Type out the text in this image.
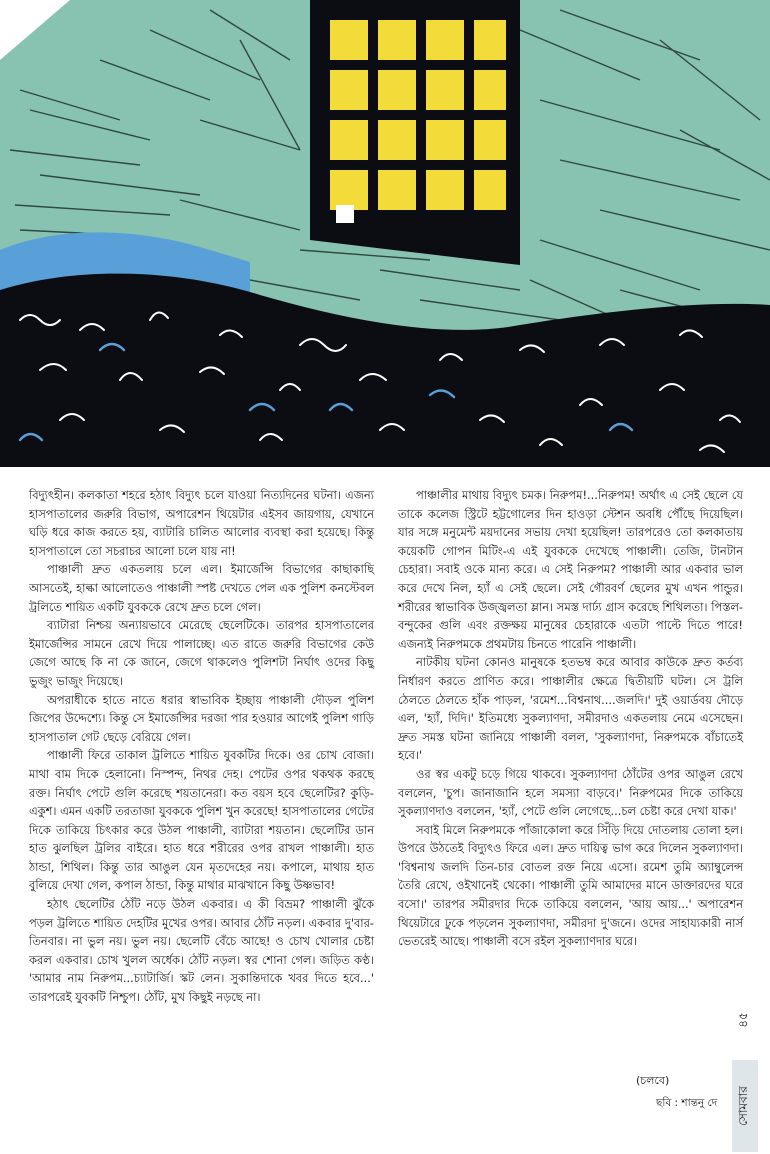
বিদ্যুৎহীন। কলকাতা শহরে হঠাৎ বিদ্যুৎ চলে যাওয়া নিত্যদিনের ঘটনা। এজন্য হাসপাতালের জরুরি বিভাগ, অপারেশন থিয়েটার এইসব জায়গায়, যেখানে ঘড়ি ধরে কাজ করতে হয়, ব্যাটারি চালিত আলোর ব্যবস্থা করা হয়েছে। কিন্তু হাসপাতালে তো সচরাচর আলো চলে যায় না!

পাঞ্চালী দ্রুত একতলায় চলে এল। ইমার্জেন্সি বিভাগের কাছাকাছি আসতেই, হাল্কা আলোতেও পাঞ্চালী স্পষ্ট দেখতে পেল এক পুলিশ কনস্টেবল ট্রলিতে শায়িত একটি যুবককে রেখে দ্রুত চলে গেল।

ব্যাটারা নিশ্চয় অন্যায়ভাবে মেরেছে ছেলেটিকে। তারপর হাসপাতালের ইমার্জেন্সির সামনে রেখে দিয়ে পালাচ্ছে। এত রাতে জরুরি বিভাগের কেউ জেগে আছে কি না কে জানে, জেগে থাকলেও পুলিশটা নির্ঘাৎ ওদের কিছু ভুজুং ভাজুং দিয়েছে।

অপরাধীকে হাতে নাতে ধরার স্বাভাবিক ইচ্ছায় পাঞ্চালী দৌড়ল পুলিশ জিপের উদ্দেশ্যে। কিন্তু সে ইমার্জেন্সির দরজা পার হওয়ার আগেই পুলিশ গাড়ি হাসপাতাল গেট ছেড়ে বেরিয়ে গেল।

পাঞ্চালী ফিরে তাকাল ট্রলিতে শায়িত যুবকটির দিকে। ওর চোখ বোজা। মাথা বাম দিকে হেলানো। নিস্পন্দ, নিথর দেহ। পেটের ওপর থকথক করছে রক্ত। নির্ঘাৎ পেটে গুলি করেছে শয়তানেরা। কত বয়স হবে ছেলেটির? কুড়ি-একুশ। এমন একটি তরতাজা যুবককে পুলিশ খুন করেছে! হাসপাতালের গেটের দিকে তাকিয়ে চিৎকার করে উঠল পাঞ্চালী, ব্যাটারা শয়তান। ছেলেটির ডান হাত ঝুলছিল ট্রলির বাইরে। হাত ধরে শরীরের ওপর রাখল পাঞ্চালী। হাত ঠান্ডা, শিথিল। কিন্তু তার আঙুল যেন মৃতদেহের নয়। কপালে, মাথায় হাত বুলিয়ে দেখা গেল, কপাল ঠান্ডা, কিন্তু মাথার মাঝখানে কিছু উষ্ণভাব!

হঠাৎ ছেলেটির ঠোঁট নড়ে উঠল একবার। এ কী বিভ্রম? পাঞ্চালী ঝুঁকে পড়ল ট্রলিতে শায়িত দেহটির মুখের ওপর। আবার ঠোঁট নড়ল। একবার দু'বার-তিনবার। না ভুল নয়। ভুল নয়। ছেলেটি বেঁচে আছে! ও চোখ খোলার চেষ্টা করল একবার। চোখ খুলল অর্ধেক। ঠোঁট নড়ল। স্বর শোনা গেল। জড়িত কণ্ঠ। 'আমার নাম নিরুপম...চ্যাটার্জি। স্কট লেন। সুকান্তিদাকে খবর দিতে হবে...' তারপরেই যুবকটি নিশ্চুপ। ঠোঁট, মুখ কিছুই নড়ছে না।

পাঞ্চালীর মাথায় বিদ্যুৎ চমক। নিরুপম!...নিরুপম! অর্থাৎ এ সেই ছেলে যে তাকে কলেজ স্ট্রিটে হট্টগোলের দিন হাওড়া স্টেশন অবধি পৌঁছে দিয়েছিল। যার সঙ্গে মনুমেন্ট ময়দানের সভায় দেখা হয়েছিল! তারপরেও তো কলকাতায় কয়েকটি গোপন মিটিং-এ এই যুবককে দেখেছে পাঞ্চালী। তেজি, টানটান চেহারা। সবাই ওকে মান্য করে। এ সেই নিরুপম? পাঞ্চালী আর একবার ভাল করে দেখে নিল, হ্যাঁ এ সেই ছেলে। সেই গৌরবর্ণ ছেলের মুখ এখন পান্ডুর। শরীরের স্বাভাবিক উজ্জ্বলতা ম্লান। সমস্ত দার্ঢ্য গ্রাস করেছে শিথিলতা। পিস্তল-বন্দুকের গুলি এবং রক্তক্ষয় মানুষের চেহারাকে এতটা পাল্টে দিতে পারে! এজন্যই নিরুপমকে প্রথমটায় চিনতে পারেনি পাঞ্চালী।

নাটকীয় ঘটনা কোনও মানুষকে হতভম্ব করে আবার কাউকে দ্রুত কর্তব্য নির্ধারণ করতে প্রাণিত করে। পাঞ্চালীর ক্ষেত্রে দ্বিতীয়টি ঘটল। সে ট্রলি ঠেলতে ঠেলতে হাঁক পাড়ল, 'রমেশ...বিশ্বনাথ....জলদি।' দুই ওয়ার্ডবয় দৌড়ে এল, 'হ্যাঁ, দিদি।' ইতিমধ্যে সুকল্যাণদা, সমীরদাও একতলায় নেমে এসেছেন। দ্রুত সমস্ত ঘটনা জানিয়ে পাঞ্চালী বলল, 'সুকল্যাণদা, নিরুপমকে বাঁচাতেই হবে।'

ওর স্বর একটু চড়ে গিয়ে থাকবে। সুকল্যাণদা ঠোঁটের ওপর আঙুল রেখে বললেন, 'চুপ। জানাজানি হলে সমস্যা বাড়বে।' নিরুপমের দিকে তাকিয়ে সুকল্যাণদাও বললেন, 'হ্যাঁ, পেটে গুলি লেগেছে...চল চেষ্টা করে দেখা যাক।'

সবাই মিলে নিরুপমকে পাঁজাকোলা করে সিঁড়ি দিয়ে দোতলায় তোলা হল। উপরে উঠতেই বিদ্যুৎও ফিরে এল। দ্রুত দায়িত্ব ভাগ করে দিলেন সুকল্যাণদা। 'বিশ্বনাথ জলদি তিন-চার বোতল রক্ত নিয়ে এসো। রমেশ তুমি অ্যাম্বুলেন্স তৈরি রেখে, ওইখানেই থেকো। পাঞ্চালী তুমি আমাদের মানে ডাক্তারদের ঘরে বসো।' তারপর সমীরদার দিকে তাকিয়ে বললেন, 'আয় আয়...' অপারেশন থিয়েটারে ঢুকে পড়লেন সুকল্যাণদা, সমীরদা দু'জনে। ওদের সাহায্যকারী নার্স ভেতরেই আছে। পাঞ্চালী বসে রইল সুকল্যাণদার ঘরে।

(চলবে)
ছবি : শান্তনু দে
৪৫
সোমবার
